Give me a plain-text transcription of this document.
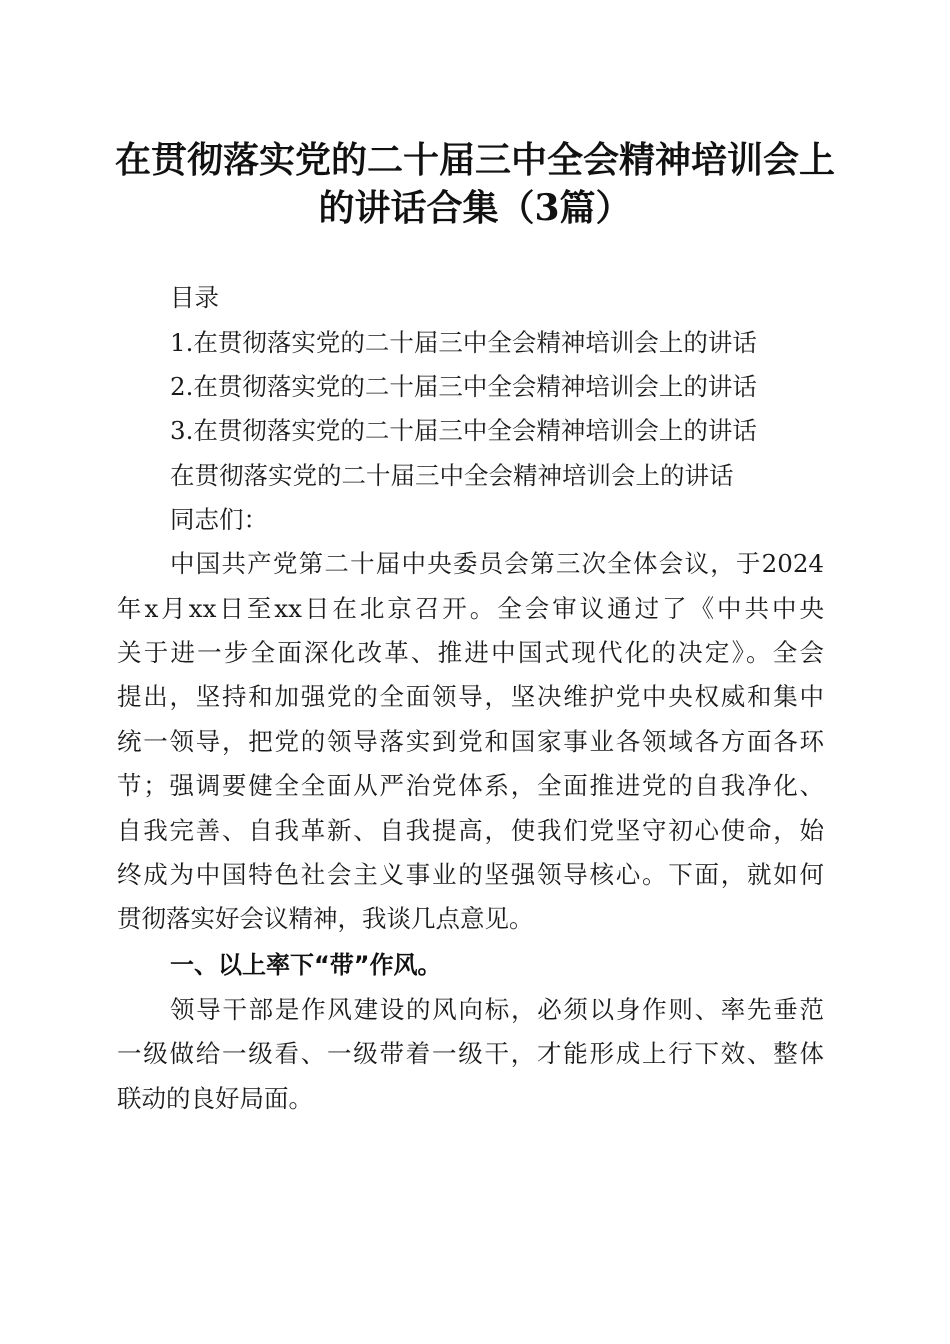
在贯彻落实党的二十届三中全会精神培训会上
的讲话合集（3篇）
目录
1.在贯彻落实党的二十届三中全会精神培训会上的讲话
2.在贯彻落实党的二十届三中全会精神培训会上的讲话
3.在贯彻落实党的二十届三中全会精神培训会上的讲话
在贯彻落实党的二十届三中全会精神培训会上的讲话
同志们：
中国共产党第二十届中央委员会第三次全体会议，于2024
年x月xx日至xx日在北京召开。全会审议通过了《中共中央
关于进一步全面深化改革、推进中国式现代化的决定》。全会
提出，坚持和加强党的全面领导，坚决维护党中央权威和集中
统一领导，把党的领导落实到党和国家事业各领域各方面各环
节；强调要健全全面从严治党体系，全面推进党的自我净化、
自我完善、自我革新、自我提高，使我们党坚守初心使命，始
终成为中国特色社会主义事业的坚强领导核心。下面，就如何
贯彻落实好会议精神，我谈几点意见。
一、以上率下“带”作风。
领导干部是作风建设的风向标，必须以身作则、率先垂范
一级做给一级看、一级带着一级干，才能形成上行下效、整体
联动的良好局面。
